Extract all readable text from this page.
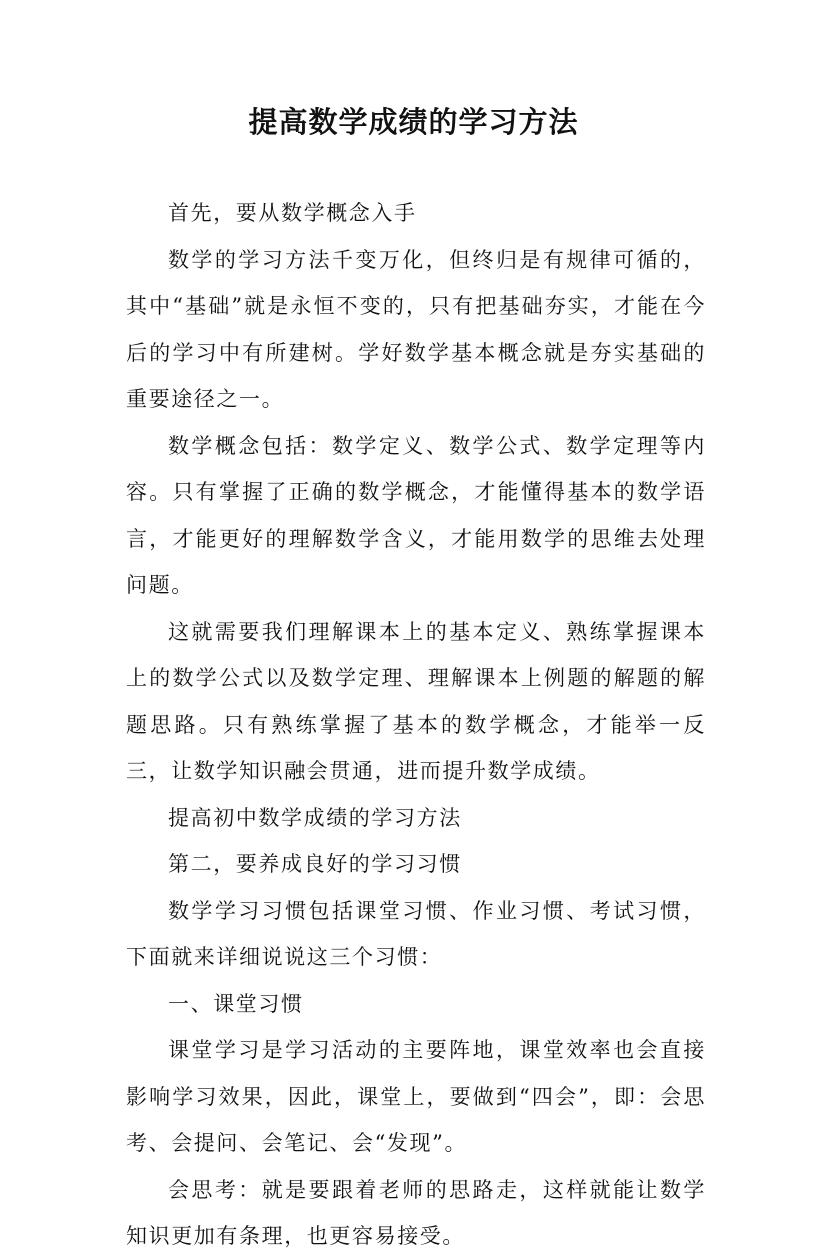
提高数学成绩的学习方法

首先，要从数学概念入手

数学的学习方法千变万化，但终归是有规律可循的，其中“基础”就是永恒不变的，只有把基础夯实，才能在今后的学习中有所建树。学好数学基本概念就是夯实基础的重要途径之一。

数学概念包括：数学定义、数学公式、数学定理等内容。只有掌握了正确的数学概念，才能懂得基本的数学语言，才能更好的理解数学含义，才能用数学的思维去处理问题。

这就需要我们理解课本上的基本定义、熟练掌握课本上的数学公式以及数学定理、理解课本上例题的解题的解题思路。只有熟练掌握了基本的数学概念，才能举一反三，让数学知识融会贯通，进而提升数学成绩。

提高初中数学成绩的学习方法

第二，要养成良好的学习习惯

数学学习习惯包括课堂习惯、作业习惯、考试习惯，下面就来详细说说这三个习惯：

一、课堂习惯

课堂学习是学习活动的主要阵地，课堂效率也会直接影响学习效果，因此，课堂上，要做到“四会”，即：会思考、会提问、会笔记、会“发现”。

会思考：就是要跟着老师的思路走，这样就能让数学知识更加有条理，也更容易接受。
